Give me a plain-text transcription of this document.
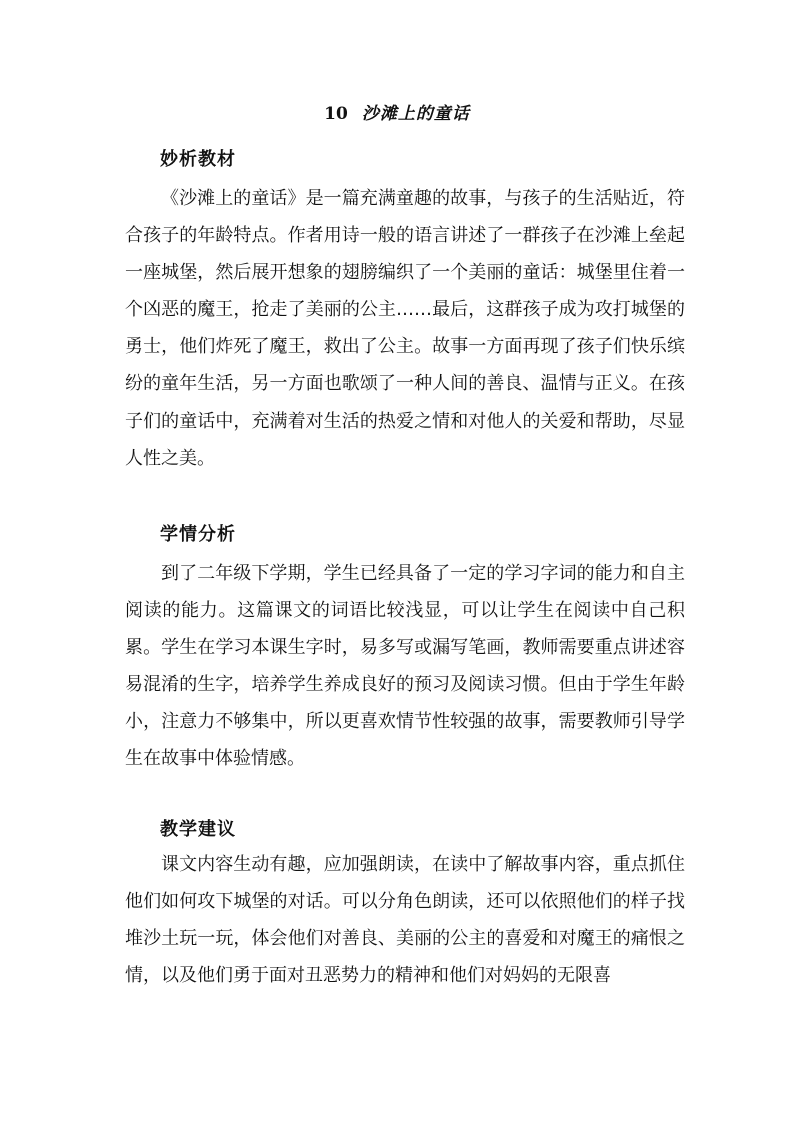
10 沙滩上的童话
妙析教材

《沙滩上的童话》是一篇充满童趣的故事，与孩子的生活贴近，符合孩子的年龄特点。作者用诗一般的语言讲述了一群孩子在沙滩上垒起一座城堡，然后展开想象的翅膀编织了一个美丽的童话：城堡里住着一个凶恶的魔王，抢走了美丽的公主……最后，这群孩子成为攻打城堡的勇士，他们炸死了魔王，救出了公主。故事一方面再现了孩子们快乐缤纷的童年生活，另一方面也歌颂了一种人间的善良、温情与正义。在孩子们的童话中，充满着对生活的热爱之情和对他人的关爱和帮助，尽显人性之美。

学情分析

到了二年级下学期，学生已经具备了一定的学习字词的能力和自主阅读的能力。这篇课文的词语比较浅显，可以让学生在阅读中自己积累。学生在学习本课生字时，易多写或漏写笔画，教师需要重点讲述容易混淆的生字，培养学生养成良好的预习及阅读习惯。但由于学生年龄小，注意力不够集中，所以更喜欢情节性较强的故事，需要教师引导学生在故事中体验情感。

教学建议

课文内容生动有趣，应加强朗读，在读中了解故事内容，重点抓住他们如何攻下城堡的对话。可以分角色朗读，还可以依照他们的样子找堆沙土玩一玩，体会他们对善良、美丽的公主的喜爱和对魔王的痛恨之情，以及他们勇于面对丑恶势力的精神和他们对妈妈的无限喜
